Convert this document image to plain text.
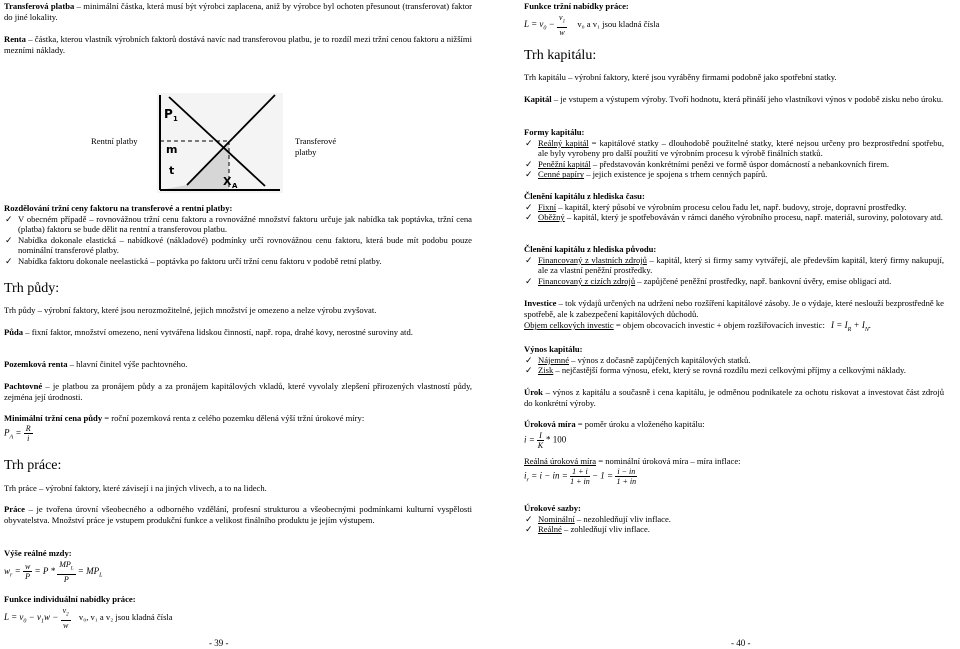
Transferová platba – minimální částka, která musí být výrobci zaplacena, aniž by výrobce byl ochoten přesunout (transferovat) faktor do jiné lokality.

Renta – částka, kterou vlastník výrobních faktorů dostává navíc nad transferovou platbu, je to rozdíl mezi tržní cenou faktoru a nižšími mezními náklady.

P 1
m
t
X A

Rentní platby	Transferové platby

Rozdělování tržní ceny faktoru na transferové a rentní platby:
✓ V obecném případě – rovnovážnou tržní cenu faktoru a rovnovážné množství faktoru určuje jak nabídka tak poptávka, tržní cena (platba) faktoru se bude dělit na rentní a transferovou platbu.
✓ Nabídka dokonale elastická – nabídkové (nákladové) podmínky určí rovnovážnou cenu faktoru, která bude mít podobu pouze nominální transferové platby.
✓ Nabídka faktoru dokonale neelastická – poptávka po faktoru určí tržní cenu faktoru v podobě retní platby.

Trh půdy:

Trh půdy – výrobní faktory, které jsou nerozmožitelné, jejich množství je omezeno a nelze výrobu zvyšovat.

Půda – fixní faktor, množství omezeno, není vytvářena lidskou činností, např. ropa, drahé kovy, nerostné suroviny atd.

Pozemková renta – hlavní činitel výše pachtovného.

Pachtovné – je platbou za pronájem půdy a za pronájem kapitálových vkladů, které vyvolaly zlepšení přirozených vlastností půdy, zejména její úrodnosti.

Minimální tržní cena půdy = roční pozemková renta z celého pozemku dělená výší tržní úrokové míry:

$P_A = \frac{R}{i}$

Trh práce:

Trh práce – výrobní faktory, které závisejí i na jiných vlivech, a to na lidech.

Práce – je tvořena úrovní všeobecného a odborného vzdělání, profesní strukturou a všeobecnými podmínkami kulturní vyspělosti obyvatelstva. Množství práce je vstupem produkční funkce a velikost finálního produktu je jejím výstupem.

Výše reálné mzdy:

$w_r = \frac{w}{P} = P * \frac{MP_L}{P} = MP_L$

Funkce individuální nabídky práce:

$L = v_0 - v_1w - \frac{v_2}{w} v_0$, v₁ a v₂ jsou kladná čísla

- 39 -

Funkce tržní nabídky práce:

$L = v_0 - \frac{v_1}{w} v_0$ a v₁ jsou kladná čísla

Trh kapitálu:

Trh kapitálu – výrobní faktory, které jsou vyráběny firmami podobně jako spotřební statky.

Kapitál – je vstupem a výstupem výroby. Tvoří hodnotu, která přináší jeho vlastníkovi výnos v podobě zisku nebo úroku.

Formy kapitálu:
✓ Reálný kapitál = kapitálové statky – dlouhodobě použitelné statky, které nejsou určeny pro bezprostřední spotřebu, ale byly vyrobeny pro další použití ve výrobním procesu k výrobě finálních statků.
✓ Peněžní kapitál – představován konkrétními penězi ve formě úspor domácností a nebankovních firem.
✓ Cenné papíry – jejich existence je spojena s trhem cenných papírů.
Členění kapitálu z hlediska času:
✓ Fixní – kapitál, který působí ve výrobním procesu celou řadu let, např. budovy, stroje, dopravní prostředky.
✓ Oběžný – kapitál, který je spotřebováván v rámci daného výrobního procesu, např. materiál, suroviny, polotovary atd.
Členění kapitálu z hlediska původu:
✓ Financovaný z vlastních zdrojů – kapitál, který si firmy samy vytvářejí, ale především kapitál, který firmy nakupují, ale za vlastní peněžní prostředky.
✓ Financovaný z cizích zdrojů – zapůjčené peněžní prostředky, např. bankovní úvěry, emise obligací atd.

Investice – tok výdajů určených na udržení nebo rozšíření kapitálové zásoby. Je o výdaje, které neslouží bezprostředně ke spotřebě, ale k zabezpečení kapitálových důchodů.

Objem celkových investic = objem obcovacích investic + objem rozšiřovacích investic: $I = I_R + I_N$.
Výnos kapitálu:
✓ Nájemné – výnos z dočasně zapůjčených kapitálových statků.
✓ Zisk – nejčastější forma výnosu, efekt, který se rovná rozdílu mezi celkovými příjmy a celkovými náklady.

Úrok – výnos z kapitálu a současně i cena kapitálu, je odměnou podnikatele za ochotu riskovat a investovat část zdrojů do konkrétní výroby.

Úroková míra = poměr úroku a vloženého kapitálu:

$i = \frac{I}{K} * 100$

Reálná úroková míra = nominální úroková míra – míra inflace:

$i_r = i$ − in = $\frac{1 + i}{1 + in} - 1 = \frac{i - in}{1 + in}$
Úrokové sazby:
✓ Nominální – nezohledňují vliv inflace.
✓ Reálné – zohledňují vliv inflace.

- 40 -
